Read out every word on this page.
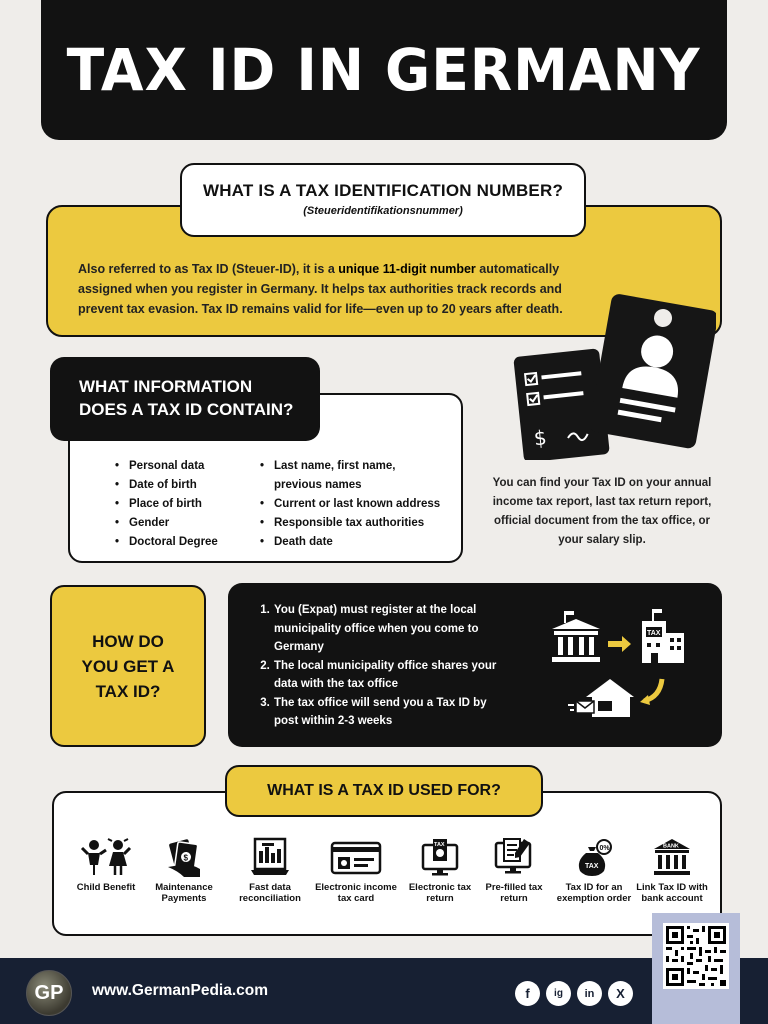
TAX ID IN GERMANY

Also referred to as Tax ID (Steuer-ID), it is a unique 11-digit number automatically assigned when you register in Germany. It helps tax authorities track records and prevent tax evasion. Tax ID remains valid for life—even up to 20 years after death.

WHAT IS A TAX IDENTIFICATION NUMBER?
(Steueridentifikationsnummer)
$
• Personal data
• Date of birth
• Place of birth
• Gender
• Doctoral Degree
• Last name, first name,
previous names
• Current or last known address
• Responsible tax authorities
• Death date
WHAT INFORMATION
DOES A TAX ID CONTAIN?
You can find your Tax ID on your annual income tax report, last tax return report, official document from the tax office, or your salary slip.
HOW DO
YOU GET A
TAX ID?
1. You (Expat) must register at the local municipality office when you come to Germany
2. The local municipality office shares your data with the tax office
3. The tax office will send you a Tax ID by post within 2-3 weeks
TAX
Child Benefit
$
Maintenance Payments
Fast data reconciliation
Electronic income tax card
TAX
Electronic tax return
Pre-filled tax return
TAX
0%
Tax ID for an exemption order
BANK
Link Tax ID with bank account
WHAT IS A TAX ID USED FOR?
GP	www.GermanPedia.com	f	ig	in	X
